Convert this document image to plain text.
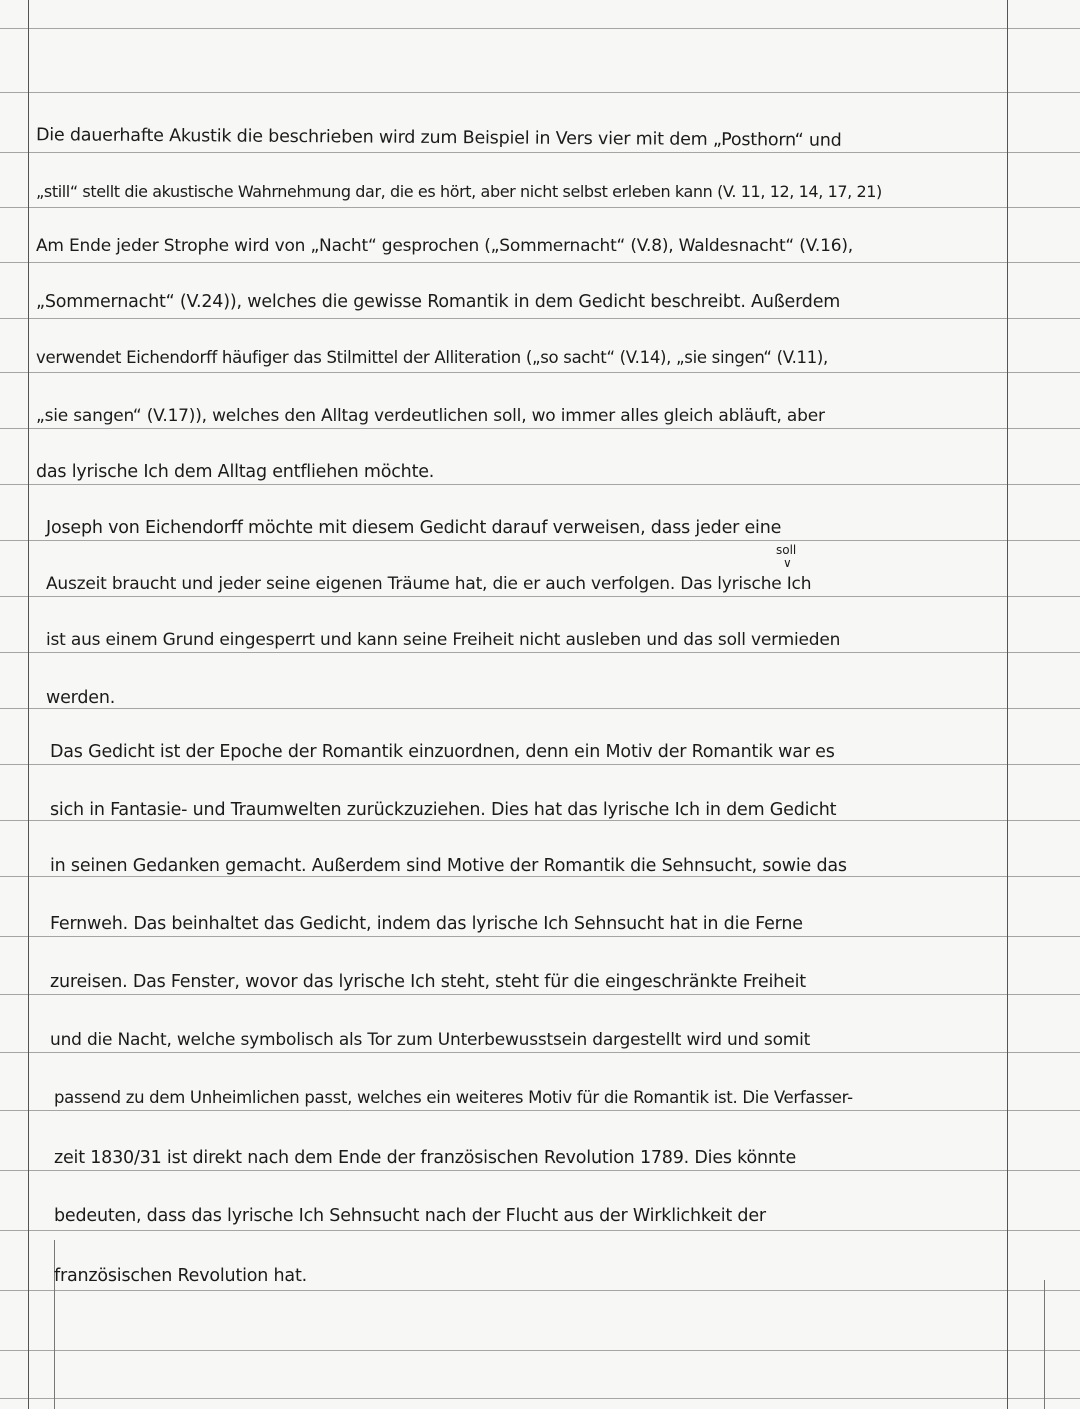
Die dauerhafte Akustik die beschrieben wird zum Beispiel in Vers vier mit dem „Posthorn“ und
„still“ stellt die akustische Wahrnehmung dar, die es hört, aber nicht selbst erleben kann (V. 11, 12, 14, 17, 21)
Am Ende jeder Strophe wird von „Nacht“ gesprochen („Sommernacht“ (V.8), Waldesnacht“ (V.16),
„Sommernacht“ (V.24)), welches die gewisse Romantik in dem Gedicht beschreibt. Außerdem
verwendet Eichendorff häufiger das Stilmittel der Alliteration („so sacht“ (V.14), „sie singen“ (V.11),
„sie sangen“ (V.17)), welches den Alltag verdeutlichen soll, wo immer alles gleich abläuft, aber
das lyrische Ich dem Alltag entfliehen möchte.
Joseph von Eichendorff möchte mit diesem Gedicht darauf verweisen, dass jeder eine
soll
∨
Auszeit braucht und jeder seine eigenen Träume hat, die er auch verfolgen. Das lyrische Ich
ist aus einem Grund eingesperrt und kann seine Freiheit nicht ausleben und das soll vermieden
werden.
Das Gedicht ist der Epoche der Romantik einzuordnen, denn ein Motiv der Romantik war es
sich in Fantasie- und Traumwelten zurückzuziehen. Dies hat das lyrische Ich in dem Gedicht
in seinen Gedanken gemacht. Außerdem sind Motive der Romantik die Sehnsucht, sowie das
Fernweh. Das beinhaltet das Gedicht, indem das lyrische Ich Sehnsucht hat in die Ferne
zureisen. Das Fenster, wovor das lyrische Ich steht, steht für die eingeschränkte Freiheit
und die Nacht, welche symbolisch als Tor zum Unterbewusstsein dargestellt wird und somit
passend zu dem Unheimlichen passt, welches ein weiteres Motiv für die Romantik ist. Die Verfasser-
zeit 1830/31 ist direkt nach dem Ende der französischen Revolution 1789. Dies könnte
bedeuten, dass das lyrische Ich Sehnsucht nach der Flucht aus der Wirklichkeit der
französischen Revolution hat.
